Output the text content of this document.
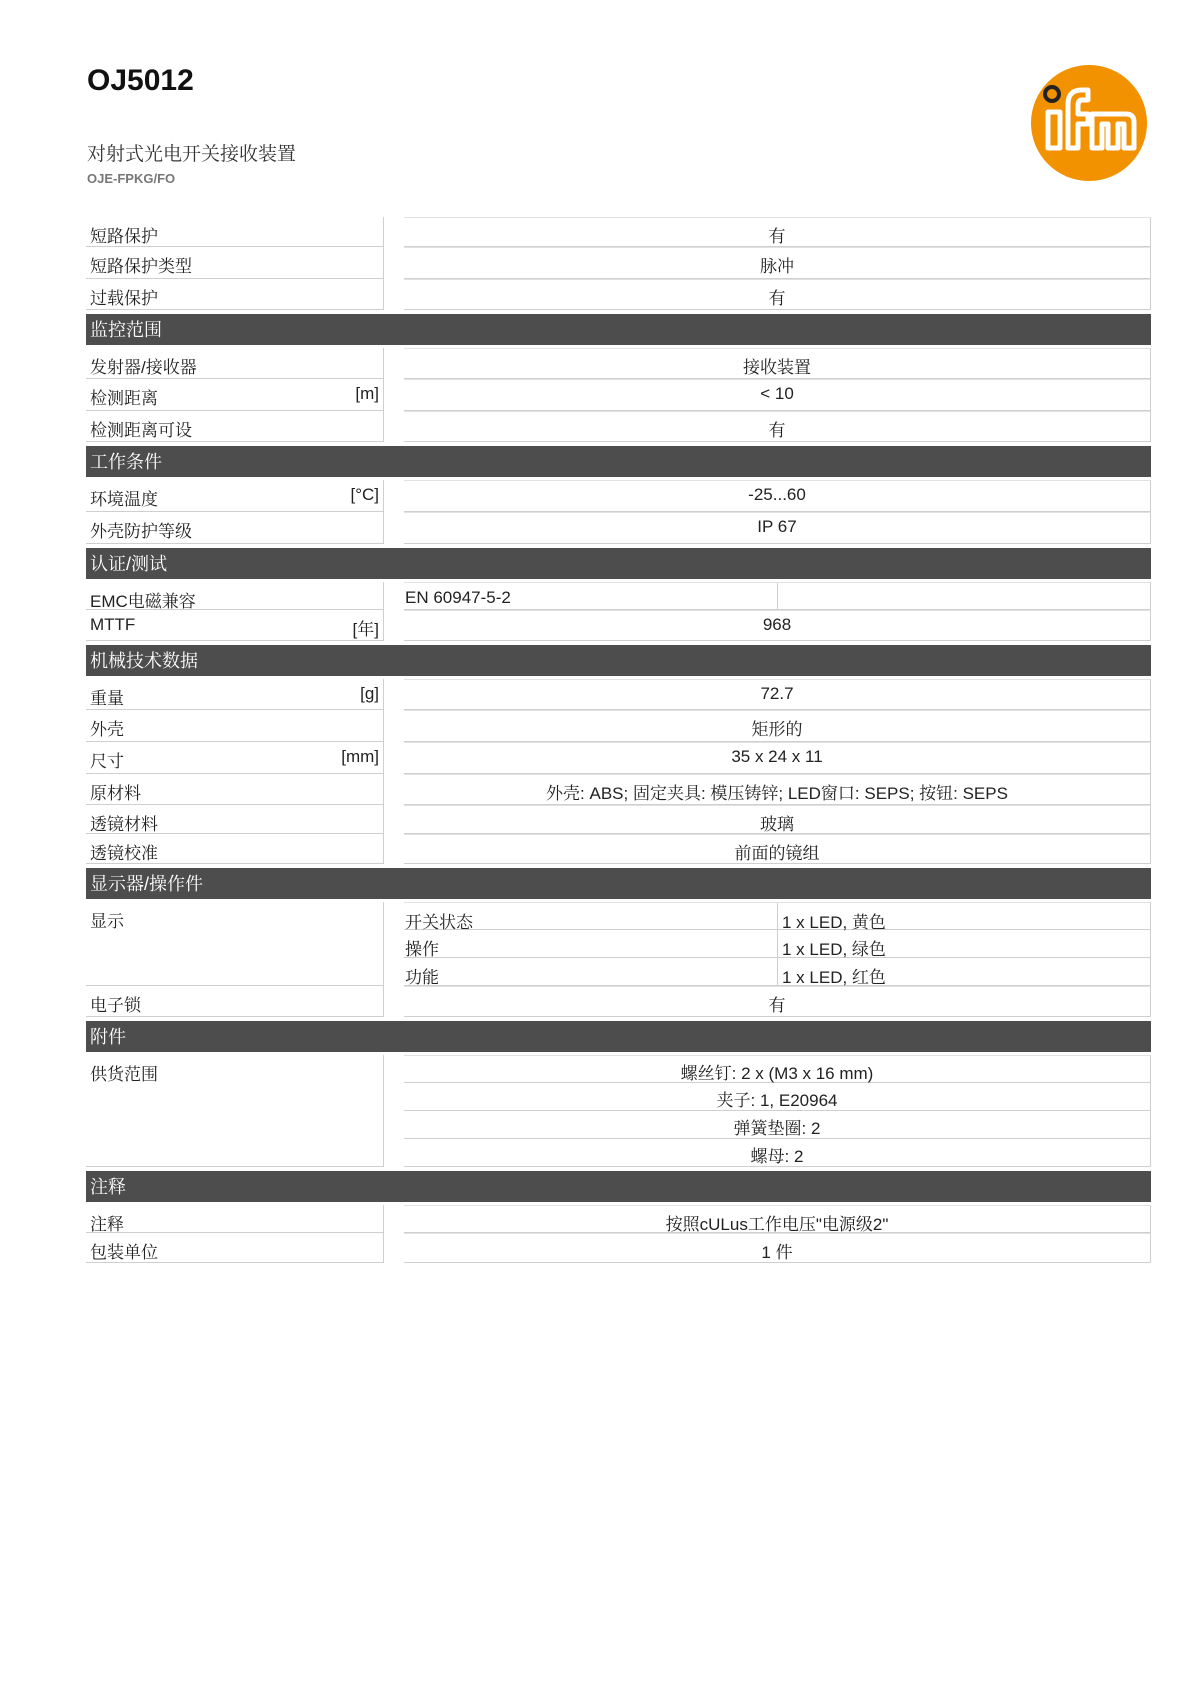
OJ5012
对射式光电开关接收装置
OJE-FPKG/FO
短路保护	有
短路保护类型	脉冲
过载保护	有
监控范围
发射器/接收器	接收装置
检测距离	[m]	< 10
检测距离可设	有
工作条件
环境温度	[°C]	-25...60
外壳防护等级	IP 67
认证/测试
EMC电磁兼容	EN 60947-5-2
MTTF	[年]	968
机械技术数据
重量	[g]	72.7
外壳	矩形的
尺寸	[mm]	35 x 24 x 11
原材料	外壳: ABS; 固定夹具: 模压铸锌; LED窗口: SEPS; 按钮: SEPS
透镜材料	玻璃
透镜校准	前面的镜组
显示器/操作件
显示	开关状态	1 x LED, 黄色
操作	1 x LED, 绿色
功能	1 x LED, 红色
电子锁	有
附件
供货范围	螺丝钉: 2 x (M3 x 16 mm)
夹子: 1, E20964
弹簧垫圈: 2
螺母: 2
注释
注释	按照cULus工作电压"电源级2"
包装单位	1 件
